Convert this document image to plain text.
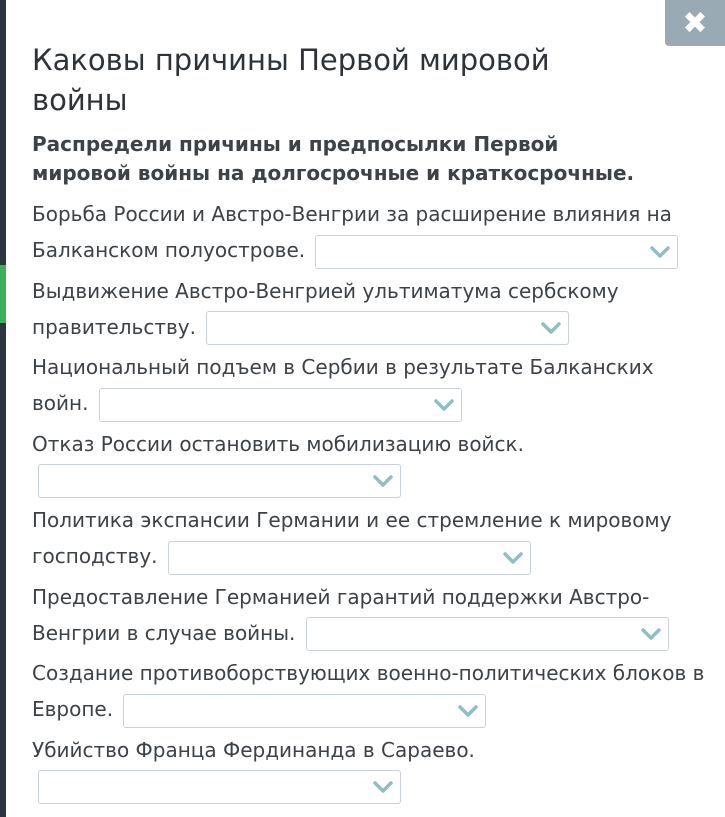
✖
Каковы причины Первой мировой войны

Распредели причины и предпосылки Первой мировой войны на долгосрочные и краткосрочные.

Борьба России и Австро-Венгрии за расширение влияния на Балканском полуострове.
Выдвижение Австро-Венгрией ультиматума сербскому правительству.
Национальный подъем в Сербии в результате Балканских войн.
Отказ России остановить мобилизацию войск.

Политика экспансии Германии и ее стремление к мировому господству.
Предоставление Германией гарантий поддержки Австро-Венгрии в случае войны.
Создание противоборствующих военно-политических блоков в Европе.
Убийство Франца Фердинанда в Сараево.
